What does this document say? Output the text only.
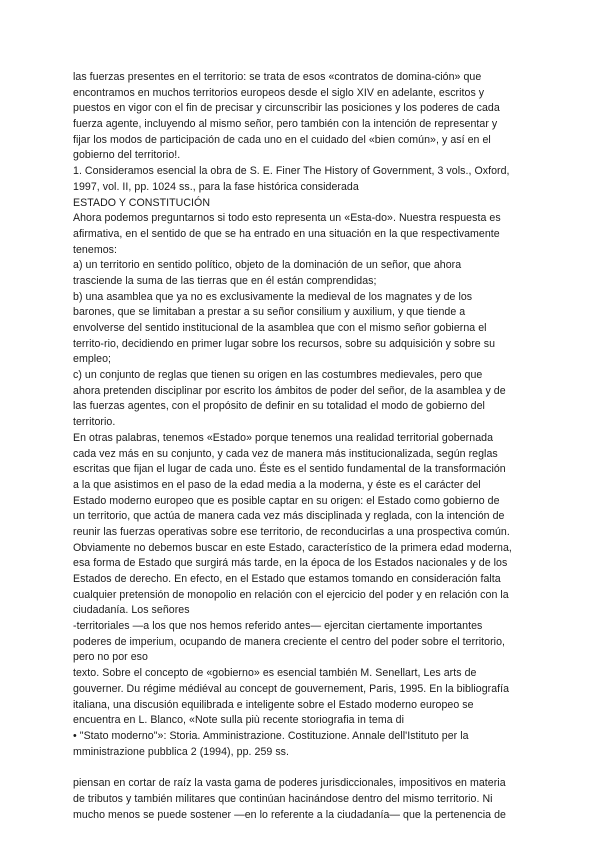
las fuerzas presentes en el territorio: se trata de esos «contratos de domina-ción» que
encontramos en muchos territorios europeos desde el siglo XIV en adelante, escritos y
puestos en vigor con el fin de precisar y circunscribir las posiciones y los poderes de cada
fuerza agente, incluyendo al mismo señor, pero también con la intención de representar y
fijar los modos de participación de cada uno en el cuidado del «bien común», y así en el
gobierno del territorio!.
1. Consideramos esencial la obra de S. E. Finer The History of Government, 3 vols., Oxford,
1997, vol. II, pp. 1024 ss., para la fase histórica considerada
ESTADO Y CONSTITUCIÓN
Ahora podemos preguntarnos si todo esto representa un «Esta-do». Nuestra respuesta es
afirmativa, en el sentido de que se ha entrado en una situación en la que respectivamente
tenemos:
a) un territorio en sentido político, objeto de la dominación de un señor, que ahora
trasciende la suma de las tierras que en él están comprendidas;
b) una asamblea que ya no es exclusivamente la medieval de los magnates y de los
barones, que se limitaban a prestar a su señor consilium y auxilium, y que tiende a
envolverse del sentido institucional de la asamblea que con el mismo señor gobierna el
territo-rio, decidiendo en primer lugar sobre los recursos, sobre su adquisición y sobre su
empleo;
c) un conjunto de reglas que tienen su origen en las costumbres medievales, pero que
ahora pretenden disciplinar por escrito los ámbitos de poder del señor, de la asamblea y de
las fuerzas agentes, con el propósito de definir en su totalidad el modo de gobierno del
territorio.
En otras palabras, tenemos «Estado» porque tenemos una realidad territorial gobernada
cada vez más en su conjunto, y cada vez de manera más institucionalizada, según reglas
escritas que fijan el lugar de cada uno. Éste es el sentido fundamental de la transformación
a la que asistimos en el paso de la edad media a la moderna, y éste es el carácter del
Estado moderno europeo que es posible captar en su origen: el Estado como gobierno de
un territorio, que actúa de manera cada vez más disciplinada y reglada, con la intención de
reunir las fuerzas operativas sobre ese territorio, de reconducirlas a una prospectiva común.
Obviamente no debemos buscar en este Estado, característico de la primera edad moderna,
esa forma de Estado que surgirá más tarde, en la época de los Estados nacionales y de los
Estados de derecho. En efecto, en el Estado que estamos tomando en consideración falta
cualquier pretensión de monopolio en relación con el ejercicio del poder y en relación con la
ciudadanía. Los señores
-territoriales —a los que nos hemos referido antes— ejercitan ciertamente importantes
poderes de imperium, ocupando de manera creciente el centro del poder sobre el territorio,
pero no por eso
texto. Sobre el concepto de «gobierno» es esencial también M. Senellart, Les arts de
gouverner. Du régime médiéval au concept de gouvernement, Paris, 1995. En la bibliografía
italiana, una discusión equilibrada e inteligente sobre el Estado moderno europeo se
encuentra en L. Blanco, «Note sulla più recente storiografia in tema di
• "Stato moderno"»: Storia. Amministrazione. Costituzione. Annale dell'Istituto per la
mministrazione pubblica 2 (1994), pp. 259 ss.
piensan en cortar de raíz la vasta gama de poderes jurisdiccionales, impositivos en materia
de tributos y también militares que continúan hacinándose dentro del mismo territorio. Ni
mucho menos se puede sostener —en lo referente a la ciudadanía— que la pertenencia de
